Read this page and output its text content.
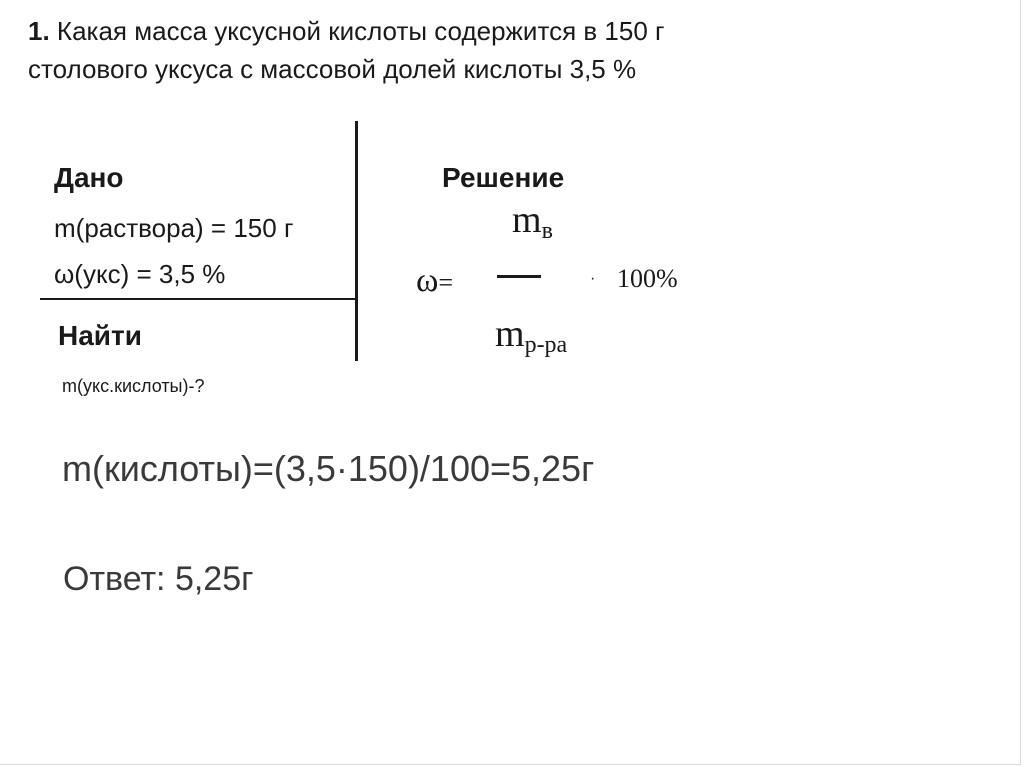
1. Какая масса уксусной кислоты содержится в 150 г
столового уксуса с массовой долей кислоты 3,5 %
Дано
m(раствора) = 150 г
ω(укс) = 3,5 %
Найти
m(укс.кислоты)-?
Решение
mв
ω=	· 100%
mр-ра
m(кислоты)=(3,5·150)/100=5,25г
Ответ: 5,25г
